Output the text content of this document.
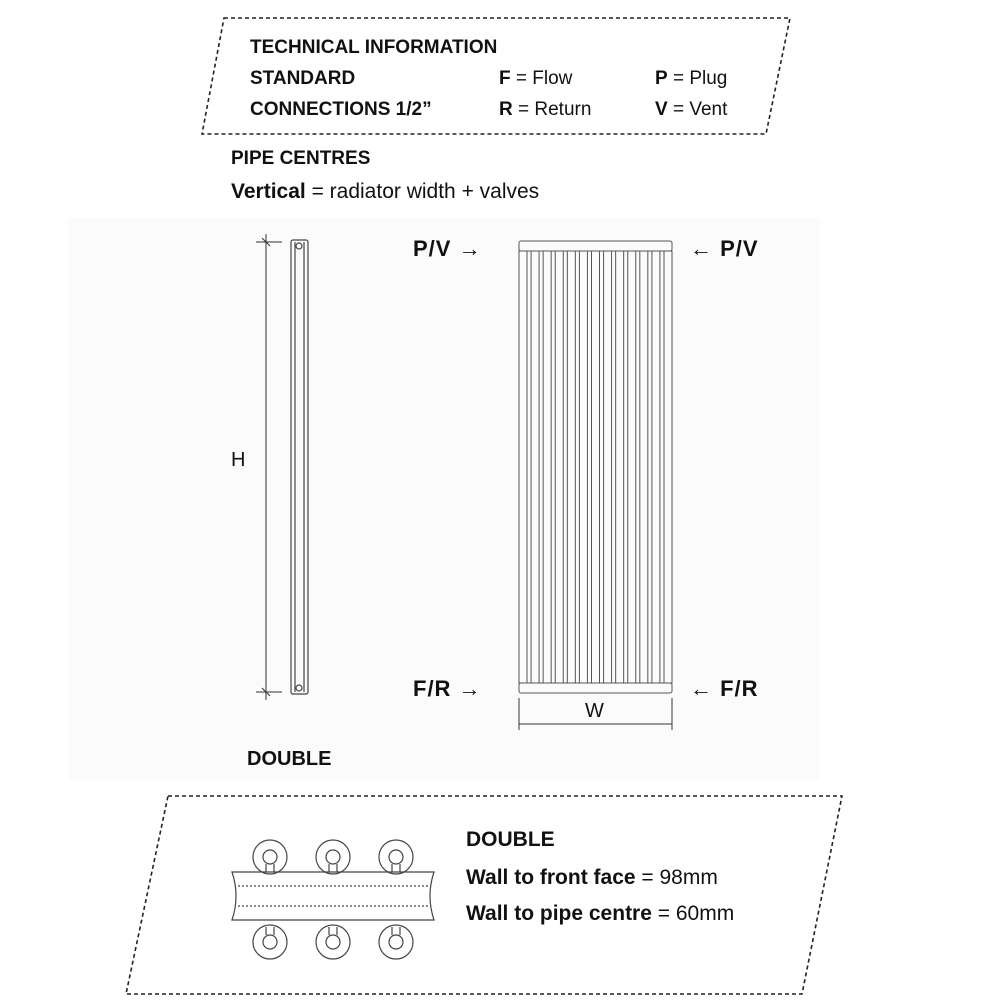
TECHNICAL INFORMATION
STANDARD	F = Flow	P = Plug
CONNECTIONS 1/2”	R = Return	V = Vent
PIPE CENTRES
Vertical = radiator width + valves
H
W
P/V →	← P/V
F/R →	← F/R
DOUBLE
DOUBLE
Wall to front face = 98mm
Wall to pipe centre = 60mm
